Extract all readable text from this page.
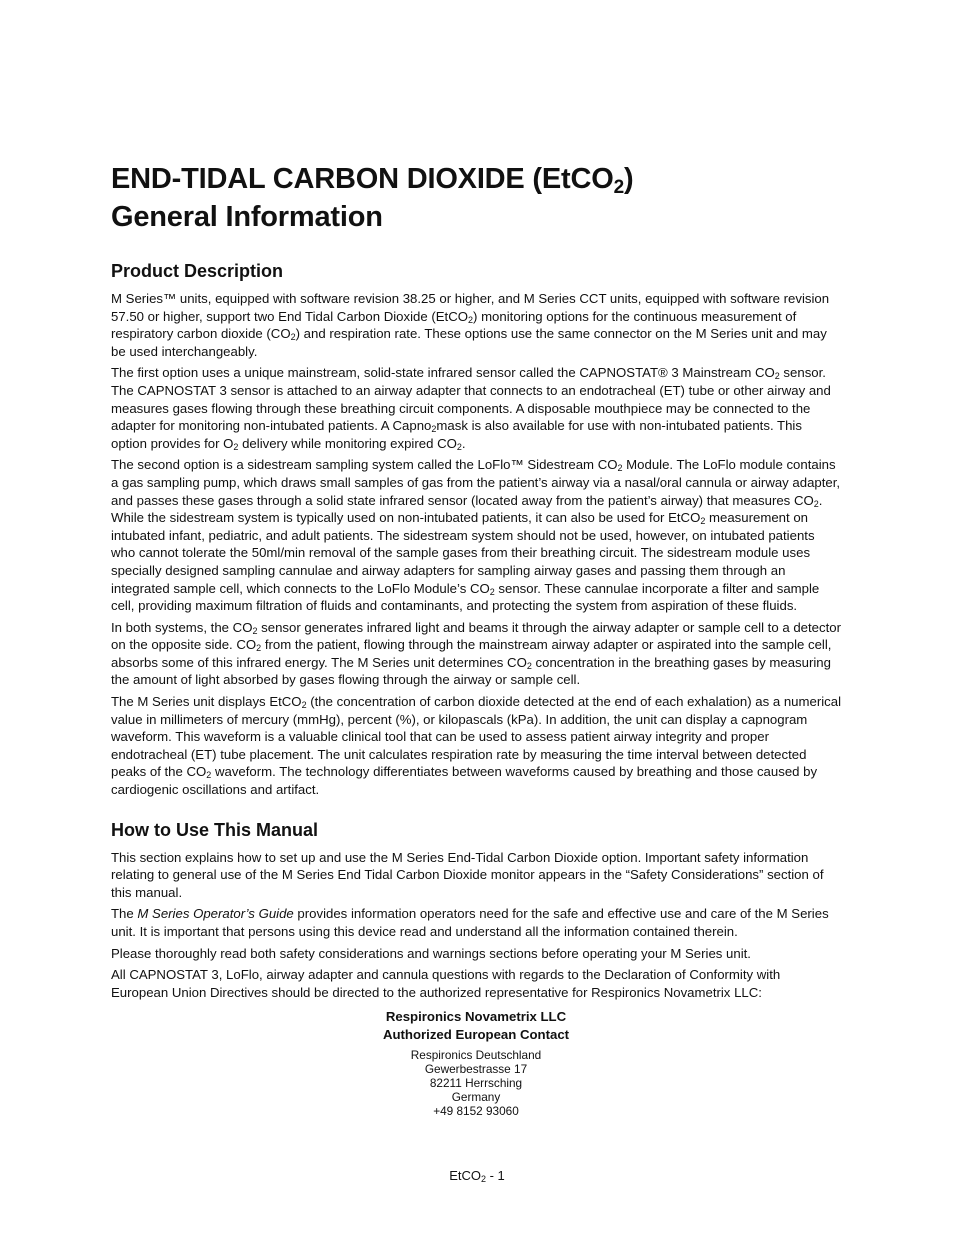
END-TIDAL CARBON DIOXIDE (EtCO$_2$)
General Information
Product Description

M Series™ units, equipped with software revision 38.25 or higher, and M Series CCT units, equipped with software revision 57.50 or higher, support two End Tidal Carbon Dioxide (EtCO$_2$) monitoring options for the continuous measurement of respiratory carbon dioxide $(CO_2)$ and respiration rate. These options use the same connector on the M Series unit and may be used interchangeably.

The first option uses a unique mainstream, solid-state infrared sensor called the CAPNOSTAT® 3 Mainstream $CO_2$ sensor. The CAPNOSTAT 3 sensor is attached to an airway adapter that connects to an endotracheal (ET) tube or other airway and measures gases flowing through these breathing circuit components. A disposable mouthpiece may be connected to the adapter for monitoring non-intubated patients. A Capno$_2$mask is also available for use with non-intubated patients. This option provides for $O_2$ delivery while monitoring expired $CO_2$.

The second option is a sidestream sampling system called the LoFlo™ Sidestream $CO_2$ Module. The LoFlo module contains a gas sampling pump, which draws small samples of gas from the patient’s airway via a nasal/oral cannula or airway adapter, and passes these gases through a solid state infrared sensor (located away from the patient’s airway) that measures $CO_2$. While the sidestream system is typically used on non-intubated patients, it can also be used for EtCO$_2$ measurement on intubated infant, pediatric, and adult patients. The sidestream system should not be used, however, on intubated patients who cannot tolerate the 50ml/min removal of the sample gases from their breathing circuit. The sidestream module uses specially designed sampling cannulae and airway adapters for sampling airway gases and passing them through an integrated sample cell, which connects to the LoFlo Module’s $CO_2$ sensor. These cannulae incorporate a filter and sample cell, providing maximum filtration of fluids and contaminants, and protecting the system from aspiration of these fluids.

In both systems, the $CO_2$ sensor generates infrared light and beams it through the airway adapter or sample cell to a detector on the opposite side. $CO_2$ from the patient, flowing through the mainstream airway adapter or aspirated into the sample cell, absorbs some of this infrared energy. The M Series unit determines $CO_2$ concentration in the breathing gases by measuring the amount of light absorbed by gases flowing through the airway or sample cell.

The M Series unit displays EtCO$_2$ (the concentration of carbon dioxide detected at the end of each exhalation) as a numerical value in millimeters of mercury (mmHg), percent (%), or kilopascals (kPa). In addition, the unit can display a capnogram waveform. This waveform is a valuable clinical tool that can be used to assess patient airway integrity and proper endotracheal (ET) tube placement. The unit calculates respiration rate by measuring the time interval between detected peaks of the $CO_2$ waveform. The technology differentiates between waveforms caused by breathing and those caused by cardiogenic oscillations and artifact.

How to Use This Manual

This section explains how to set up and use the M Series End-Tidal Carbon Dioxide option. Important safety information relating to general use of the M Series End Tidal Carbon Dioxide monitor appears in the “Safety Considerations” section of this manual.

The M Series Operator’s Guide provides information operators need for the safe and effective use and care of the M Series unit. It is important that persons using this device read and understand all the information contained therein.

Please thoroughly read both safety considerations and warnings sections before operating your M Series unit.

All CAPNOSTAT 3, LoFlo, airway adapter and cannula questions with regards to the Declaration of Conformity with European Union Directives should be directed to the authorized representative for Respironics Novametrix LLC:

Respironics Novametrix LLC
Authorized European Contact
Respironics Deutschland
Gewerbestrasse 17
82211 Herrsching
Germany
+49 8152 93060
EtCO$_2$ - 1
